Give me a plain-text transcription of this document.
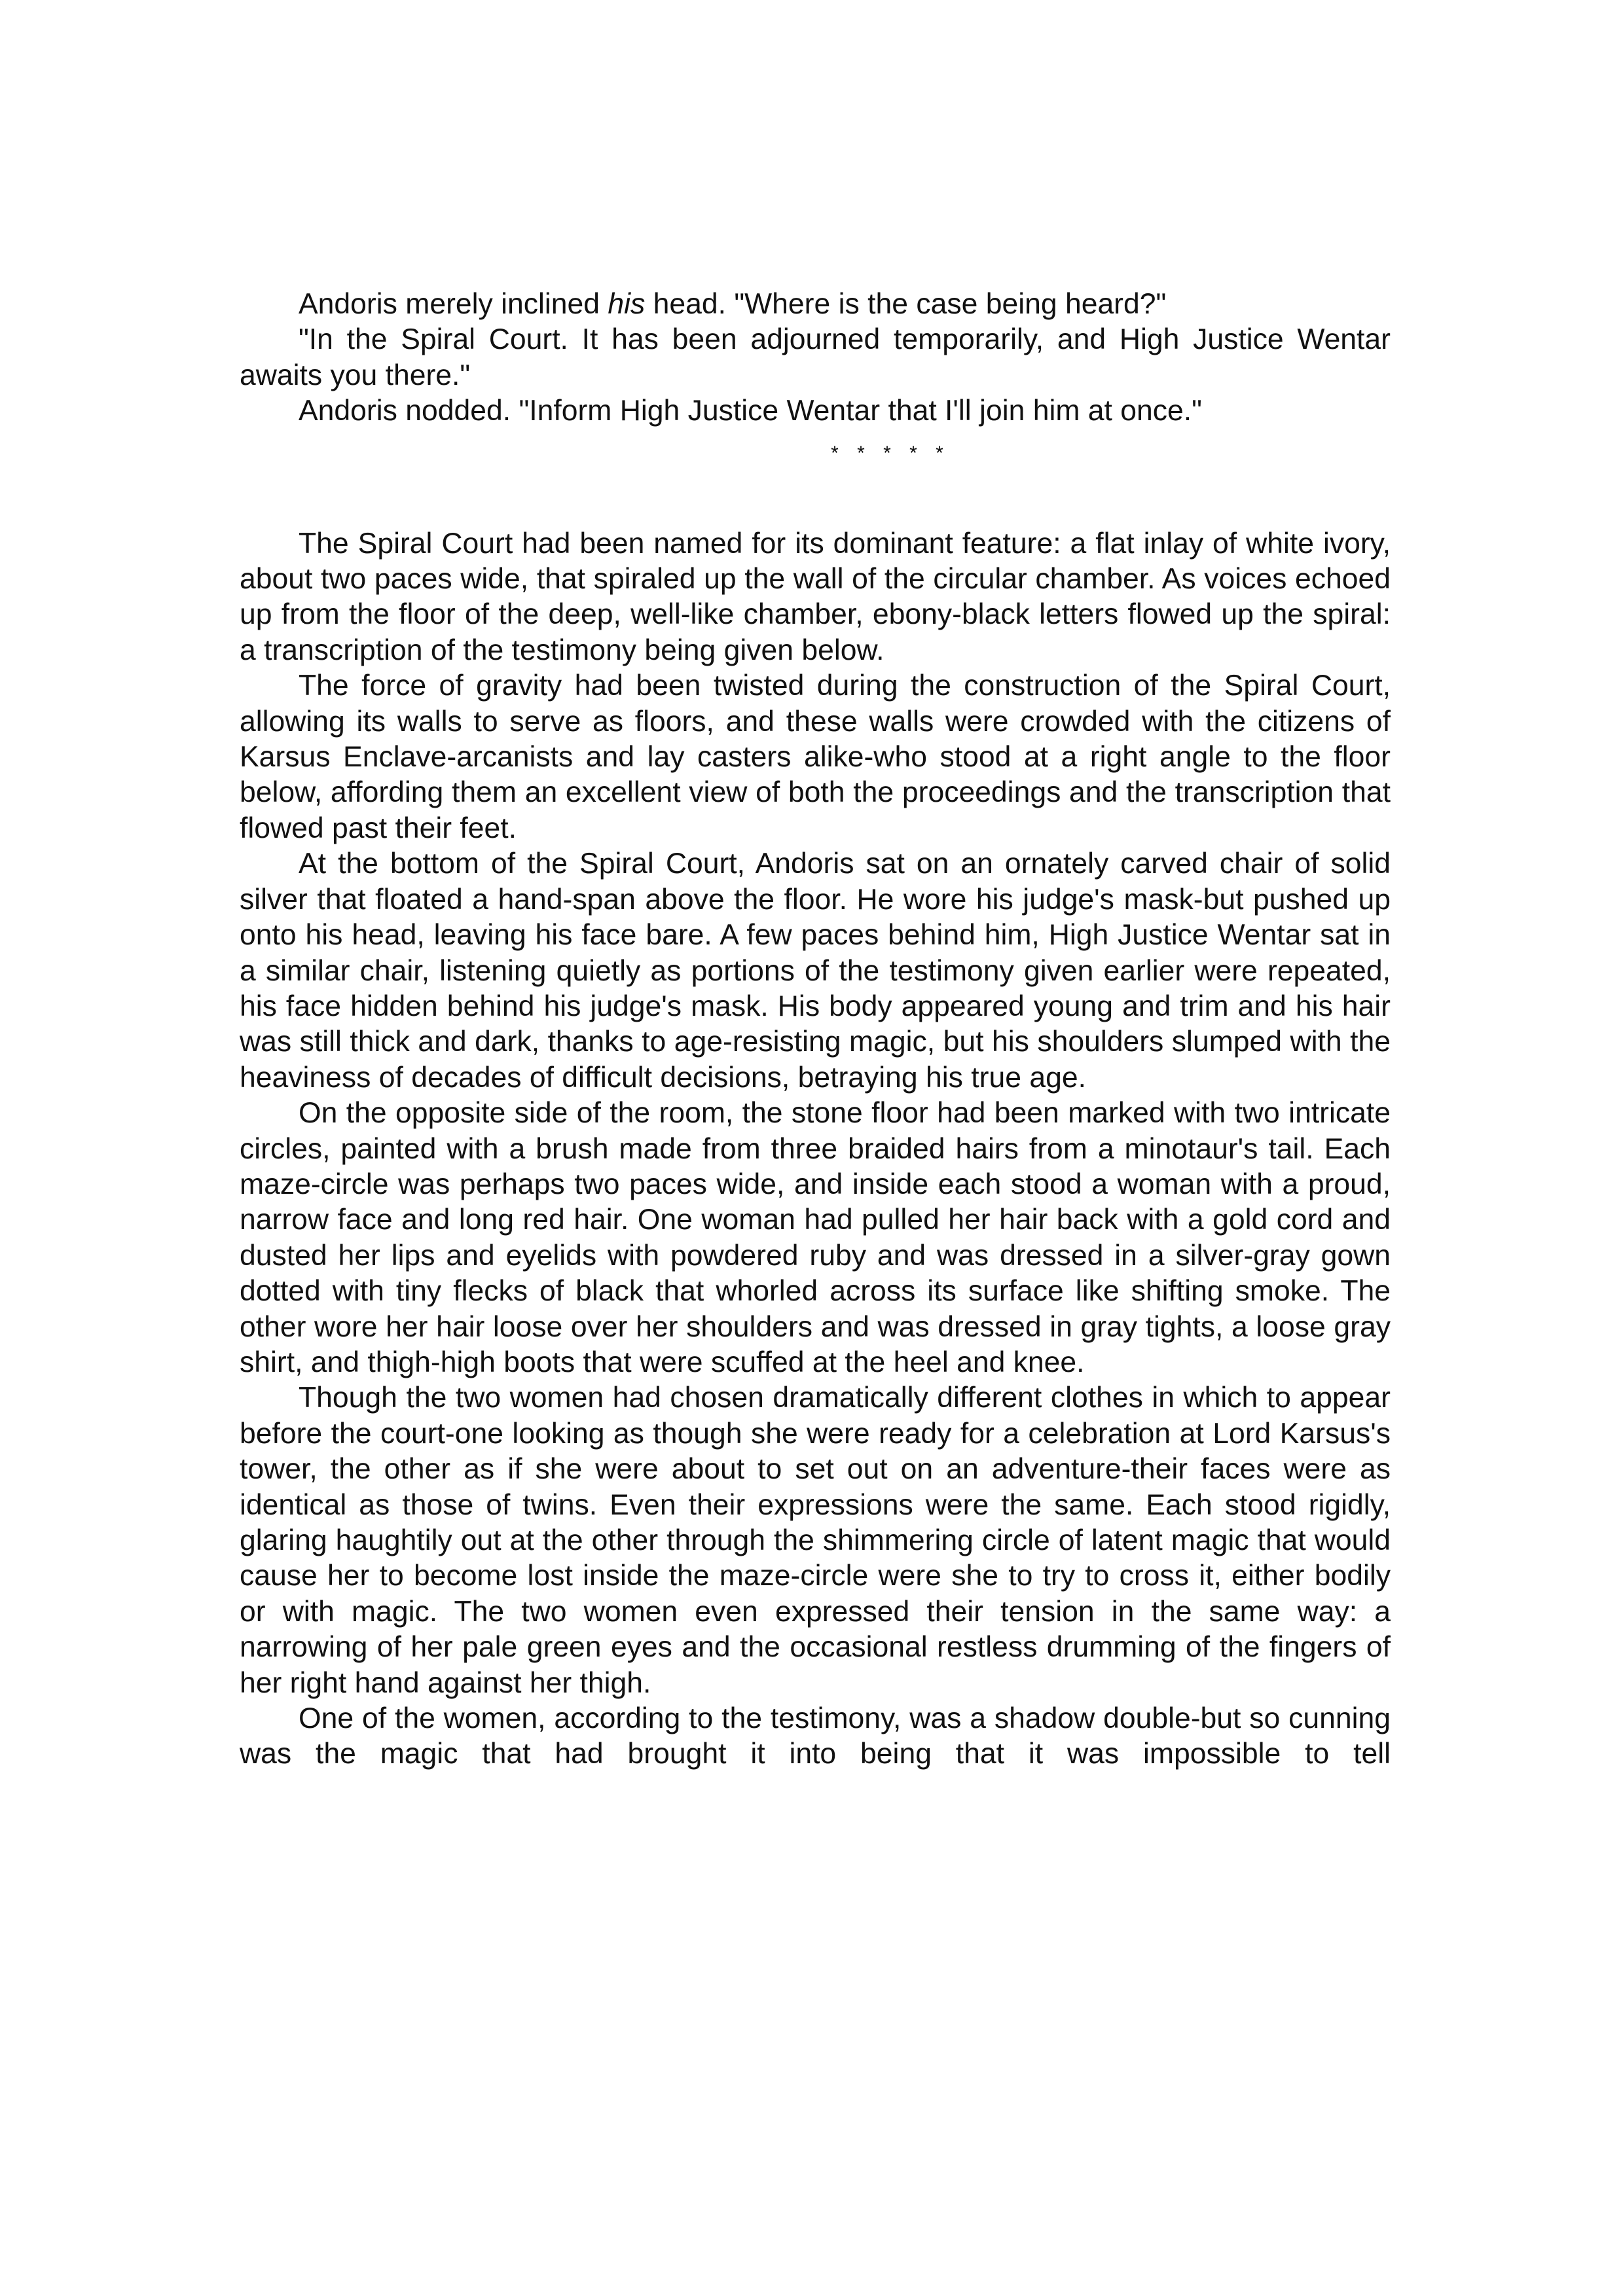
Andoris merely inclined his head. "Where is the case being heard?"

"In the Spiral Court. It has been adjourned temporarily, and High Justice Wentar awaits you there."

Andoris nodded. "Inform High Justice Wentar that I'll join him at once."

* * * * *

The Spiral Court had been named for its dominant feature: a flat inlay of white ivory, about two paces wide, that spiraled up the wall of the circular chamber. As voices echoed up from the floor of the deep, well-like chamber, ebony-black letters flowed up the spiral: a transcription of the testimony being given below.

The force of gravity had been twisted during the construction of the Spiral Court, allowing its walls to serve as floors, and these walls were crowded with the citizens of Karsus Enclave-arcanists and lay casters alike-who stood at a right angle to the floor below, affording them an excellent view of both the proceedings and the transcription that flowed past their feet.

At the bottom of the Spiral Court, Andoris sat on an ornately carved chair of solid silver that floated a hand-span above the floor. He wore his judge's mask-but pushed up onto his head, leaving his face bare. A few paces behind him, High Justice Wentar sat in a similar chair, listening quietly as portions of the testimony given earlier were repeated, his face hidden behind his judge's mask. His body appeared young and trim and his hair was still thick and dark, thanks to age-resisting magic, but his shoulders slumped with the heaviness of decades of difficult decisions, betraying his true age.

On the opposite side of the room, the stone floor had been marked with two intricate circles, painted with a brush made from three braided hairs from a minotaur's tail. Each maze-circle was perhaps two paces wide, and inside each stood a woman with a proud, narrow face and long red hair. One woman had pulled her hair back with a gold cord and dusted her lips and eyelids with powdered ruby and was dressed in a silver-gray gown dotted with tiny flecks of black that whorled across its surface like shifting smoke. The other wore her hair loose over her shoulders and was dressed in gray tights, a loose gray shirt, and thigh-high boots that were scuffed at the heel and knee.

Though the two women had chosen dramatically different clothes in which to appear before the court-one looking as though she were ready for a celebration at Lord Karsus's tower, the other as if she were about to set out on an adventure-their faces were as identical as those of twins. Even their expressions were the same. Each stood rigidly, glaring haughtily out at the other through the shimmering circle of latent magic that would cause her to become lost inside the maze-circle were she to try to cross it, either bodily or with magic. The two women even expressed their tension in the same way: a narrowing of her pale green eyes and the occasional restless drumming of the fingers of her right hand against her thigh.

One of the women, according to the testimony, was a shadow double-but so cunning was the magic that had brought it into being that it was impossible to tell
